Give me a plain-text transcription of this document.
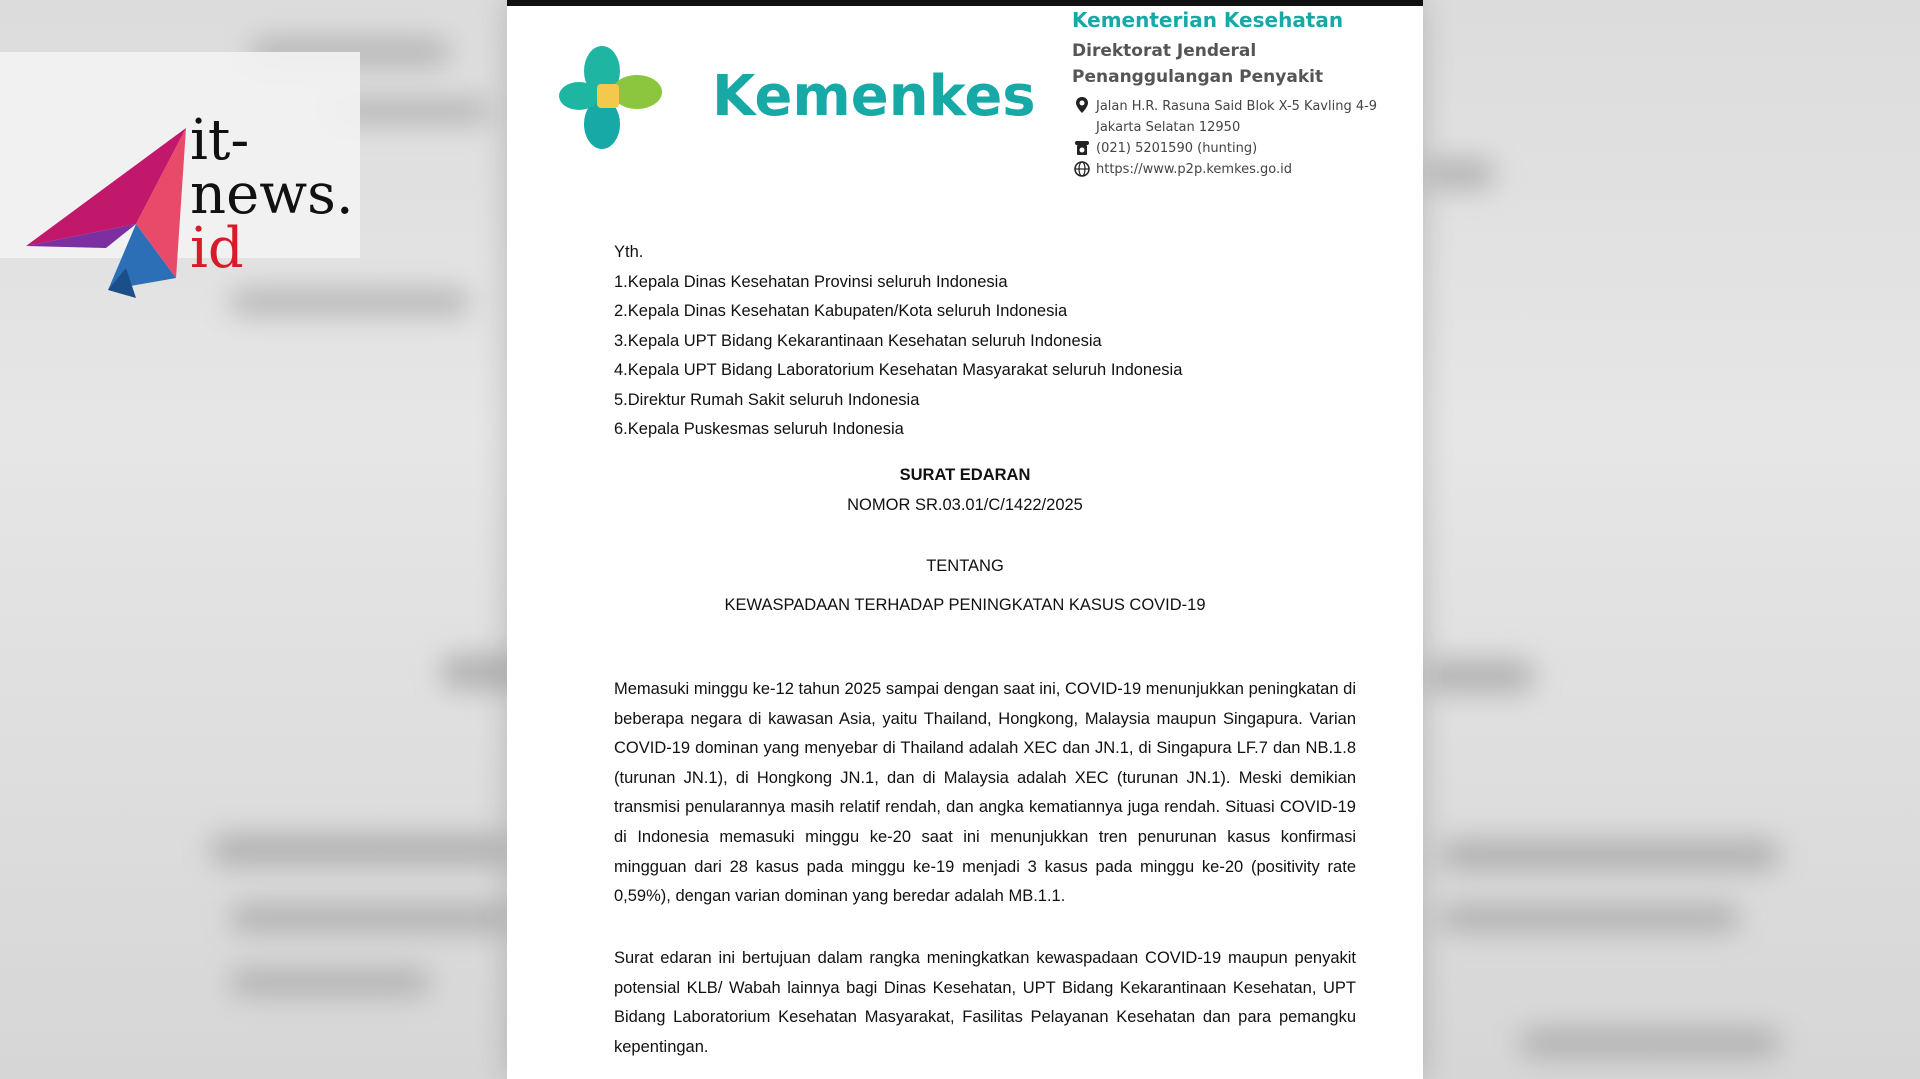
it-
news.
id
Kemenkes

Kementerian Kesehatan

Direktorat Jenderal

Penanggulangan Penyakit

Jalan H.R. Rasuna Said Blok X-5 Kavling 4-9
Jakarta Selatan 12950
(021) 5201590 (hunting)
https://www.p2p.kemkes.go.id

Yth.

1.Kepala Dinas Kesehatan Provinsi seluruh Indonesia

2.Kepala Dinas Kesehatan Kabupaten/Kota seluruh Indonesia

3.Kepala UPT Bidang Kekarantinaan Kesehatan seluruh Indonesia

4.Kepala UPT Bidang Laboratorium Kesehatan Masyarakat seluruh Indonesia

5.Direktur Rumah Sakit seluruh Indonesia

6.Kepala Puskesmas seluruh Indonesia

SURAT EDARAN
NOMOR SR.03.01/C/1422/2025
TENTANG
KEWASPADAAN TERHADAP PENINGKATAN KASUS COVID-19

Memasuki minggu ke-12 tahun 2025 sampai dengan saat ini, COVID-19 menunjukkan peningkatan di beberapa negara di kawasan Asia, yaitu Thailand, Hongkong, Malaysia maupun Singapura. Varian COVID-19 dominan yang menyebar di Thailand adalah XEC dan JN.1, di Singapura LF.7 dan NB.1.8 (turunan JN.1), di Hongkong JN.1, dan di Malaysia adalah XEC (turunan JN.1). Meski demikian transmisi penularannya masih relatif rendah, dan angka kematiannya juga rendah. Situasi COVID-19 di Indonesia memasuki minggu ke-20 saat ini menunjukkan tren penurunan kasus konfirmasi mingguan dari 28 kasus pada minggu ke-19 menjadi 3 kasus pada minggu ke-20 (positivity rate 0,59%), dengan varian dominan yang beredar adalah MB.1.1.

Surat edaran ini bertujuan dalam rangka meningkatkan kewaspadaan COVID-19 maupun penyakit potensial KLB/ Wabah lainnya bagi Dinas Kesehatan, UPT Bidang Kekarantinaan Kesehatan, UPT Bidang Laboratorium Kesehatan Masyarakat, Fasilitas Pelayanan Kesehatan dan para pemangku kepentingan.
